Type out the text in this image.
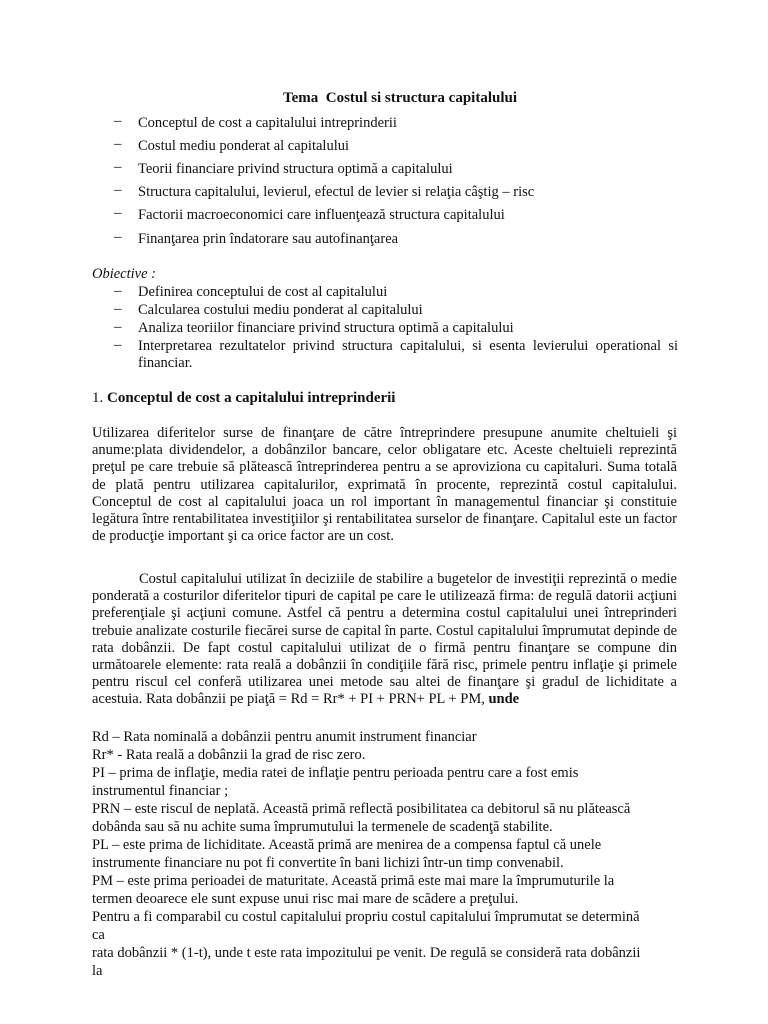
Tema  Costul si structura capitalului
– Conceptul de cost a capitalului intreprinderii
– Costul mediu ponderat al capitalului
– Teorii financiare privind structura optimă a capitalului
– Structura capitalului, levierul, efectul de levier si relaţia câştig – risc
– Factorii macroeconomici care influenţează structura capitalului
– Finanţarea prin îndatorare sau autofinanţarea
Obiective :
– Definirea conceptului de cost al capitalului
– Calcularea costului mediu ponderat al capitalului
– Analiza teoriilor financiare privind structura optimă a capitalului
– Interpretarea rezultatelor privind structura capitalului, si esenta levierului operational si financiar.
1. Conceptul de cost a capitalului intreprinderii

Utilizarea diferitelor surse de finanţare de către întreprindere presupune anumite cheltuieli şi anume:plata dividendelor, a dobânzilor bancare, celor obligatare etc. Aceste cheltuieli reprezintă preţul pe care trebuie să plătească întreprinderea pentru a se aproviziona cu capitaluri. Suma totală de plată pentru utilizarea capitalurilor, exprimată în procente, reprezintă costul capitalului. Conceptul de cost al capitalului joaca un rol important în managementul financiar şi constituie legătura între rentabilitatea investiţiilor şi rentabilitatea surselor de finanţare. Capitalul este un factor de producţie important şi ca orice factor are un cost.

Costul capitalului utilizat în deciziile de stabilire a bugetelor de investiţii reprezintă o medie ponderată a costurilor diferitelor tipuri de capital pe care le utilizează firma: de regulă datorii acţiuni preferenţiale şi acţiuni comune. Astfel că pentru a determina costul capitalului unei întreprinderi trebuie analizate costurile fiecărei surse de capital în parte. Costul capitalului împrumutat depinde de rata dobânzii. De fapt costul capitalului utilizat de o firmă pentru finanţare se compune din următoarele elemente: rata reală a dobânzii în condiţiile fără risc, primele pentru inflaţie şi primele pentru riscul cel conferă utilizarea unei metode sau altei de finanţare şi gradul de lichiditate a acestuia. Rata dobânzii pe piaţă = Rd = Rr* + PI + PRN+ PL + PM, unde

Rd – Rata nominală a dobânzii pentru anumit instrument financiar
Rr* - Rata reală a dobânzii la grad de risc zero.
PI – prima de inflaţie, media ratei de inflaţie pentru perioada pentru care a fost emis
instrumentul financiar ;
PRN – este riscul de neplată. Această primă reflectă posibilitatea ca debitorul să nu plătească
dobânda sau să nu achite suma împrumutului la termenele de scadenţă stabilite.
PL – este prima de lichiditate. Această primă are menirea de a compensa faptul că unele
instrumente financiare nu pot fi convertite în bani lichizi într-un timp convenabil.
PM – este prima perioadei de maturitate. Această primă este mai mare la împrumuturile la
termen deoarece ele sunt expuse unui risc mai mare de scădere a preţului.
Pentru a fi comparabil cu costul capitalului propriu costul capitalului împrumutat se determină
ca
rata dobânzii * (1-t), unde t este rata impozitului pe venit. De regulă se consideră rata dobânzii
la
